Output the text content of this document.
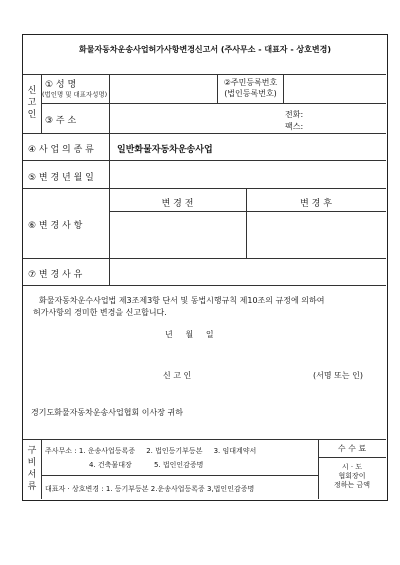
화물자동차운송사업허가사항변경신고서 (주사무소 - 대표자 - 상호변경)
신
고
인
① 성 명
(법인명 및 대표자성명)
②주민등록번호
(법인등록번호)
③ 주 소
전화:
팩스:
④ 사 업 의 종 류	일반화물자동차운송사업
⑤ 변 경 년 월 일
⑥ 변 경 사 항
변 경 전	변 경 후
⑦ 변 경 사 유
화물자동차운수사업법 제3조제3항 단서 및 동법시행규칙 제10조의 규정에 의하여
허가사항의 경미한 변경을 신고합니다.
년     월     일
신 고 인	(서명 또는 인)
경기도화물자동차운송사업협회 이사장 귀하
구
비
서
류
주사무소 : 1. 운송사업등록증     2. 법인등기부등본     3. 임대계약서
4. 건축물대장          5. 법인인감증명
대표자 · 상호변경 : 1. 등기부등본 2.운송사업등록증 3,법인인감증명
수 수 료
시 · 도
협회장이
정하는 금액
